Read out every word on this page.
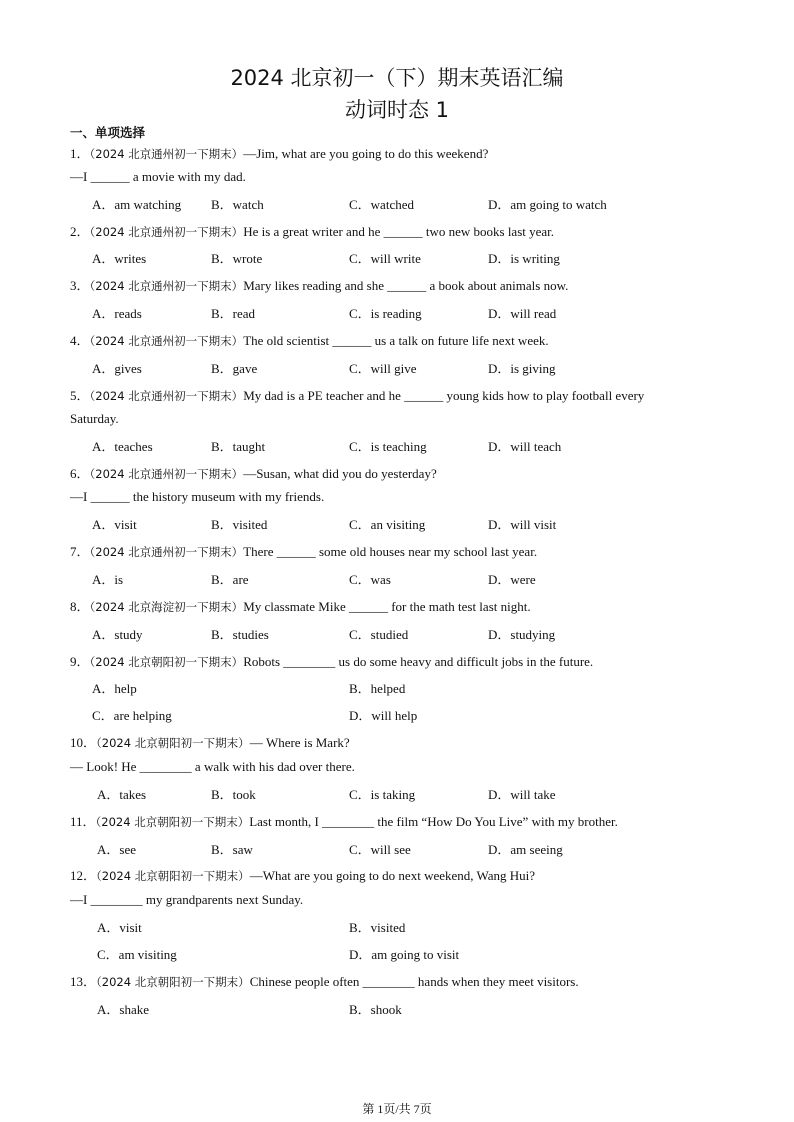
2024 北京初一（下）期末英语汇编
动词时态 1
一、单项选择
1．（2024 北京通州初一下期末）—Jim, what are you going to do this weekend?
—I ______ a movie with my dad.
A．am watching B．watch	C．watched	D．am going to watch
2．（2024 北京通州初一下期末）He is a great writer and he ______ two new books last year.
A．writes	B．wrote	C．will write	D．is writing
3．（2024 北京通州初一下期末）Mary likes reading and she ______ a book about animals now.
A．reads	B．read	C．is reading	D．will read
4．（2024 北京通州初一下期末）The old scientist ______ us a talk on future life next week.
A．gives	B．gave	C．will give	D．is giving
5．（2024 北京通州初一下期末）My dad is a PE teacher and he ______ young kids how to play football every
Saturday.
A．teaches	B．taught	C．is teaching	D．will teach
6．（2024 北京通州初一下期末）—Susan, what did you do yesterday?
—I ______ the history museum with my friends.
A．visit	B．visited	C．an visiting	D．will visit
7．（2024 北京通州初一下期末）There ______ some old houses near my school last year.
A．is	B．are	C．was	D．were
8．（2024 北京海淀初一下期末）My classmate Mike ______ for the math test last night.
A．study	B．studies	C．studied	D．studying
9．（2024 北京朝阳初一下期末）Robots ________ us do some heavy and difficult jobs in the future.
A．help	B．helped
C．are helping	D．will help
10．（2024 北京朝阳初一下期末）— Where is Mark?
— Look! He ________ a walk with his dad over there.
A．takes	B．took	C．is taking	D．will take
11．（2024 北京朝阳初一下期末）Last month, I ________ the film “How Do You Live” with my brother.
A．see	B．saw	C．will see	D．am seeing
12．（2024 北京朝阳初一下期末）—What are you going to do next weekend, Wang Hui?
—I ________ my grandparents next Sunday.
A．visit	B．visited
C．am visiting	D．am going to visit
13．（2024 北京朝阳初一下期末）Chinese people often ________ hands when they meet visitors.
A．shake	B．shook
第 1页/共 7页
